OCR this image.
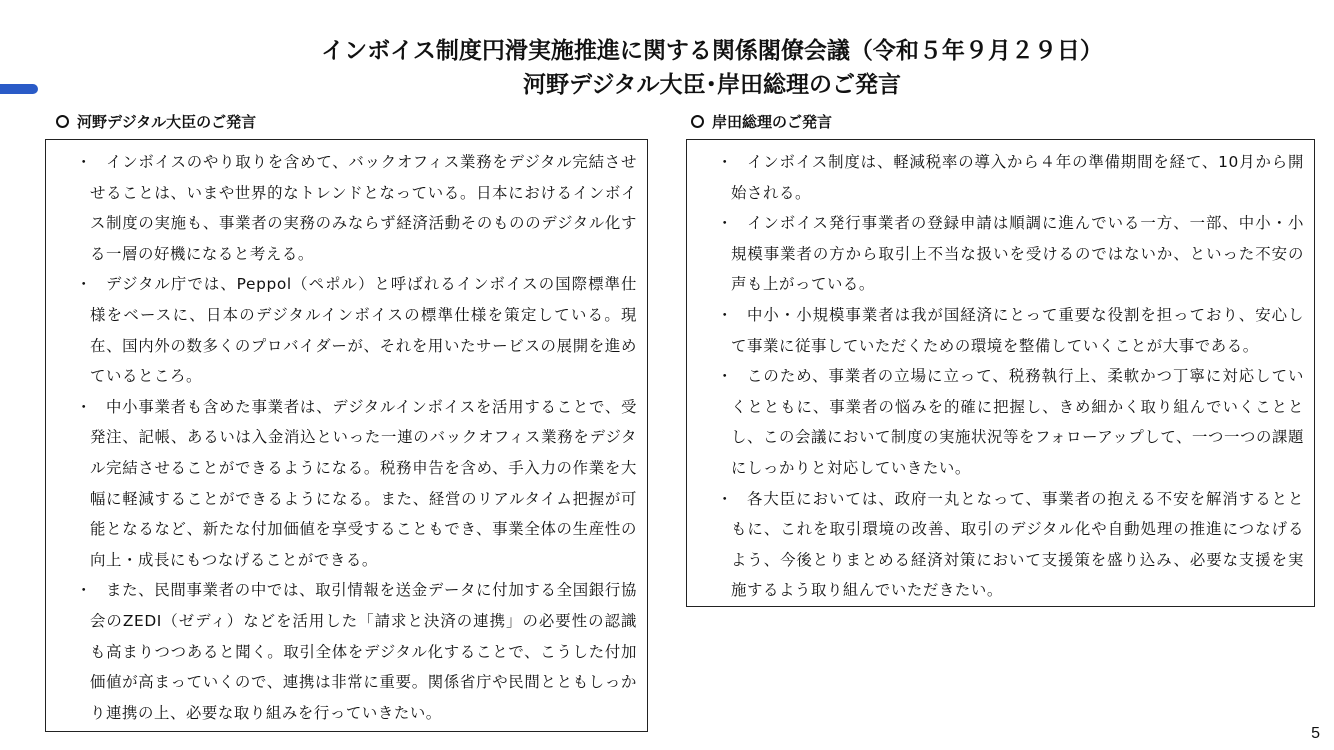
インボイス制度円滑実施推進に関する関係閣僚会議（令和５年９月２９日）
河野デジタル大臣･岸田総理のご発言
河野デジタル大臣のご発言
・ インボイスのやり取りを含めて、バックオフィス業務をデジタル完結させせることは、いまや世界的なトレンドとなっている。日本におけるインボイス制度の実施も、事業者の実務のみならず経済活動そのもののデジタル化する一層の好機になると考える。
・ デジタル庁では、Peppol（ペポル）と呼ばれるインボイスの国際標準仕様をベースに、日本のデジタルインボイスの標準仕様を策定している。現在、国内外の数多くのプロバイダーが、それを用いたサービスの展開を進めているところ。
・ 中小事業者も含めた事業者は、デジタルインボイスを活用することで、受発注、記帳、あるいは入金消込といった一連のバックオフィス業務をデジタル完結させることができるようになる。税務申告を含め、手入力の作業を大幅に軽減することができるようになる。また、経営のリアルタイム把握が可能となるなど、新たな付加価値を享受することもでき、事業全体の生産性の向上・成長にもつなげることができる。
・ また、民間事業者の中では、取引情報を送金データに付加する全国銀行協会のZEDI（ゼディ）などを活用した「請求と決済の連携」の必要性の認識も高まりつつあると聞く。取引全体をデジタル化することで、こうした付加価値が高まっていくので、連携は非常に重要。関係省庁や民間とともしっかり連携の上、必要な取り組みを行っていきたい。
岸田総理のご発言
・ インボイス制度は、軽減税率の導入から４年の準備期間を経て、10月から開始される。
・ インボイス発行事業者の登録申請は順調に進んでいる一方、一部、中小・小規模事業者の方から取引上不当な扱いを受けるのではないか、といった不安の声も上がっている。
・ 中小・小規模事業者は我が国経済にとって重要な役割を担っており、安心して事業に従事していただくための環境を整備していくことが大事である。
・ このため、事業者の立場に立って、税務執行上、柔軟かつ丁寧に対応していくとともに、事業者の悩みを的確に把握し、きめ細かく取り組んでいくこととし、この会議において制度の実施状況等をフォローアップして、一つ一つの課題にしっかりと対応していきたい。
・ 各大臣においては、政府一丸となって、事業者の抱える不安を解消するとともに、これを取引環境の改善、取引のデジタル化や自動処理の推進につなげるよう、今後とりまとめる経済対策において支援策を盛り込み、必要な支援を実施するよう取り組んでいただきたい。
5
